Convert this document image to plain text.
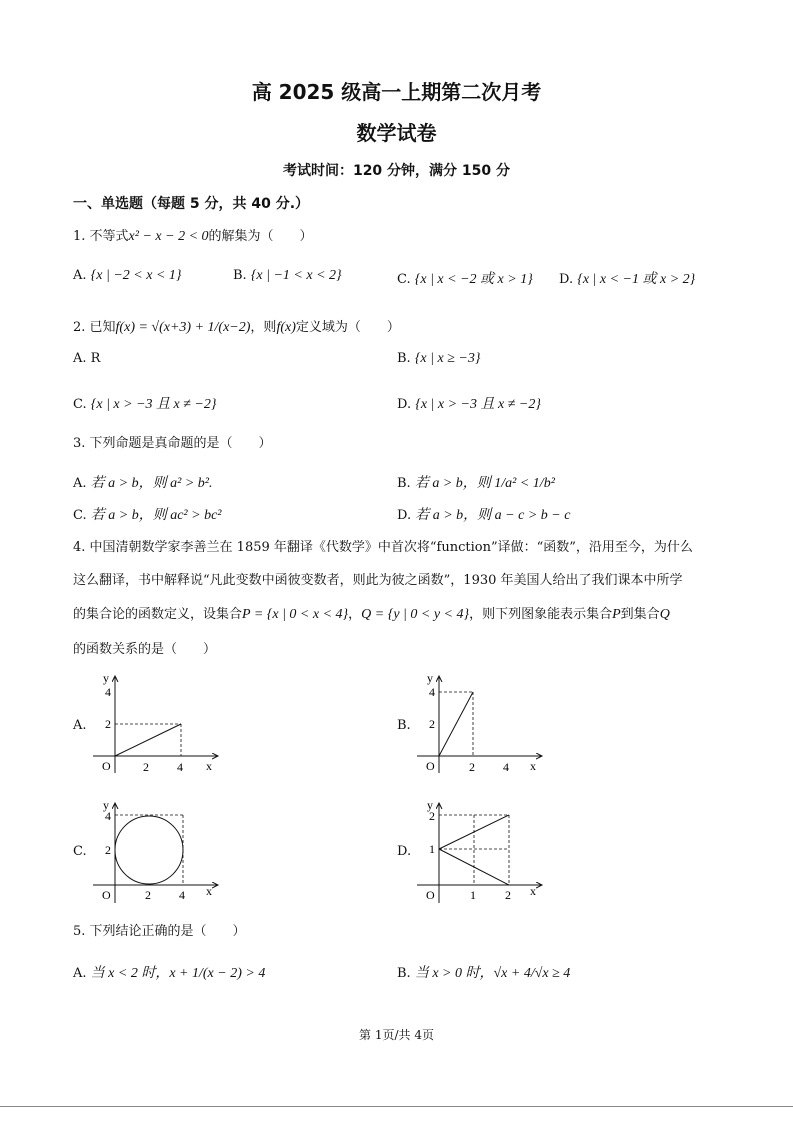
高 2025 级高一上期第二次月考
数学试卷
考试时间：120 分钟，满分 150 分
一、单选题（每题 5 分，共 40 分.）
1. 不等式x² − x − 2 < 0的解集为（　　）
A. {x | −2 < x < 1}	B. {x | −1 < x < 2}	C. {x | x < −2 或 x > 1} D. {x | x < −1 或 x > 2}
2. 已知f(x) = √(x+3) + 1/(x−2)，则f(x)定义域为（　　）
A. R	B. {x | x ≥ −3}
C. {x | x > −3 且 x ≠ −2}	D. {x | x > −3 且 x ≠ −2}
3. 下列命题是真命题的是（　　）
A. 若 a > b，则 a² > b².	B. 若 a > b，则 1/a² < 1/b²
C. 若 a > b，则 ac² > bc²	D. 若 a > b，则 a − c > b − c
4. 中国清朝数学家李善兰在 1859 年翻译《代数学》中首次将“function”译做：“函数”，沿用至今，为什么
这么翻译，书中解释说“凡此变数中函彼变数者，则此为彼之函数”，1930 年美国人给出了我们课本中所学
的集合论的函数定义，设集合P = {x | 0 < x < 4}，Q = {y | 0 < y < 4}，则下列图象能表示集合P到集合Q
的函数关系的是（　　）
A.	B.
C.	D.
y
x
O	2 4
2
4
y
x
O	2 4
2
4
y
x
O	2 4
2
4
y
x
O	1 2
1
2
5. 下列结论正确的是（　　）
A. 当 x < 2 时，x + 1/(x − 2) > 4	B. 当 x > 0 时，√x + 4/√x ≥ 4
第 1页/共 4页
